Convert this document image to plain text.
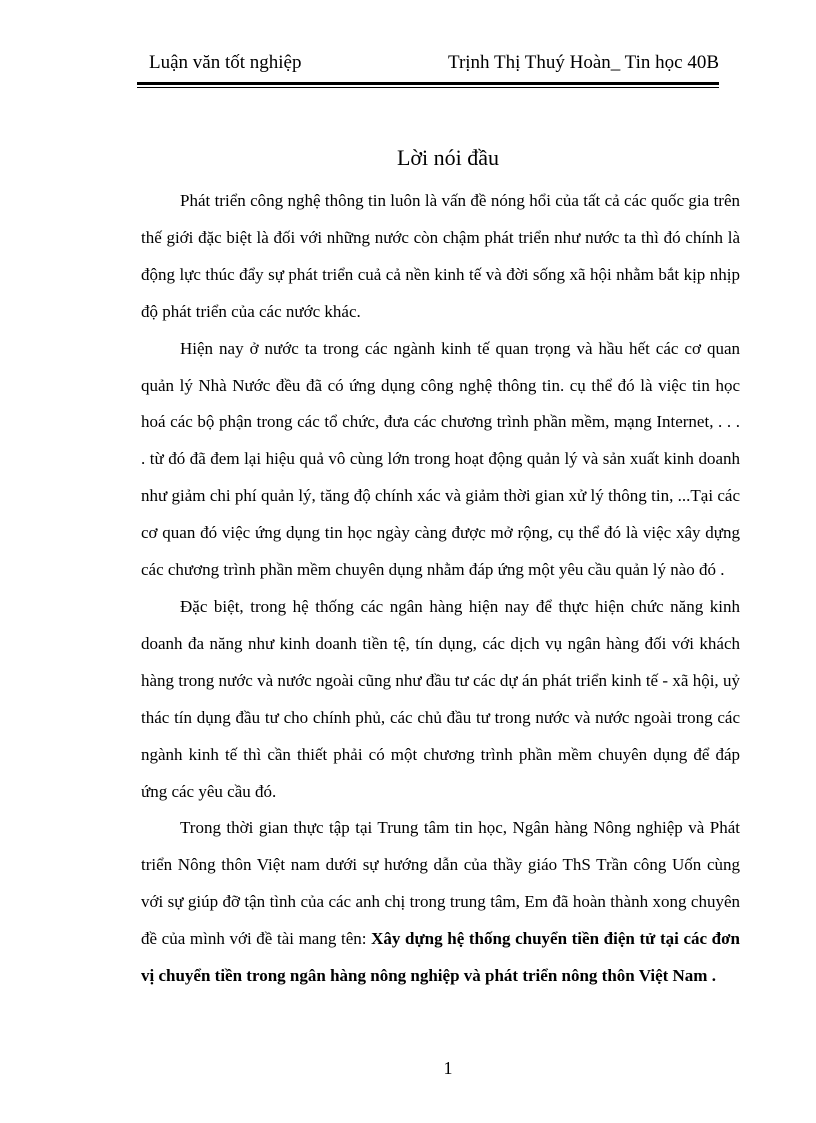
Luận văn tốt nghiệp	Trịnh Thị Thuý Hoàn_ Tin học 40B
Lời nói đầu

Phát triển công nghệ thông tin luôn là vấn đề nóng hổi của tất cả các quốc gia trên thế giới đặc biệt là đối với những nước còn chậm phát triển như nước ta thì đó chính là động lực thúc đẩy sự phát triển cuả cả nền kinh tế và đời sống xã hội nhằm bắt kịp nhịp độ phát triển của các nước khác.

Hiện nay ở nước ta trong các ngành kinh tế quan trọng và hầu hết các cơ quan quản lý Nhà Nước đều đã có ứng dụng công nghệ thông tin. cụ thể đó là việc tin học hoá các bộ phận trong các tổ chức, đưa các chương trình phần mềm, mạng Internet, . . . . từ đó đã đem lại hiệu quả vô cùng lớn trong hoạt động quản lý và sản xuất kinh doanh như giảm chi phí quản lý, tăng độ chính xác và giảm thời gian xử lý thông tin, ...Tại các cơ quan đó việc ứng dụng tin học ngày càng được mở rộng, cụ thể đó là việc xây dựng các chương trình phần mềm chuyên dụng nhằm đáp ứng một yêu cầu quản lý nào đó .

Đặc biệt, trong hệ thống các ngân hàng hiện nay để thực hiện chức năng kinh doanh đa năng như kinh doanh tiền tệ, tín dụng, các dịch vụ ngân hàng đối với khách hàng trong nước và nước ngoài cũng như đầu tư các dự án phát triển kinh tế - xã hội, uỷ thác tín dụng đầu tư cho chính phủ, các chủ đầu tư trong nước và nước ngoài trong các ngành kinh tế thì cần thiết phải có một chương trình phần mềm chuyên dụng để đáp ứng các yêu cầu đó.

Trong thời gian thực tập tại Trung tâm tin học, Ngân hàng Nông nghiệp và Phát triển Nông thôn Việt nam dưới sự hướng dẫn của thầy giáo ThS Trần công Uốn cùng với sự giúp đỡ tận tình của các anh chị trong trung tâm, Em đã hoàn thành xong chuyên đề của mình với đề tài mang tên: Xây dựng hệ thống chuyển tiền điện tử tại các đơn vị chuyển tiền trong ngân hàng nông nghiệp và phát triển nông thôn Việt Nam .

1
